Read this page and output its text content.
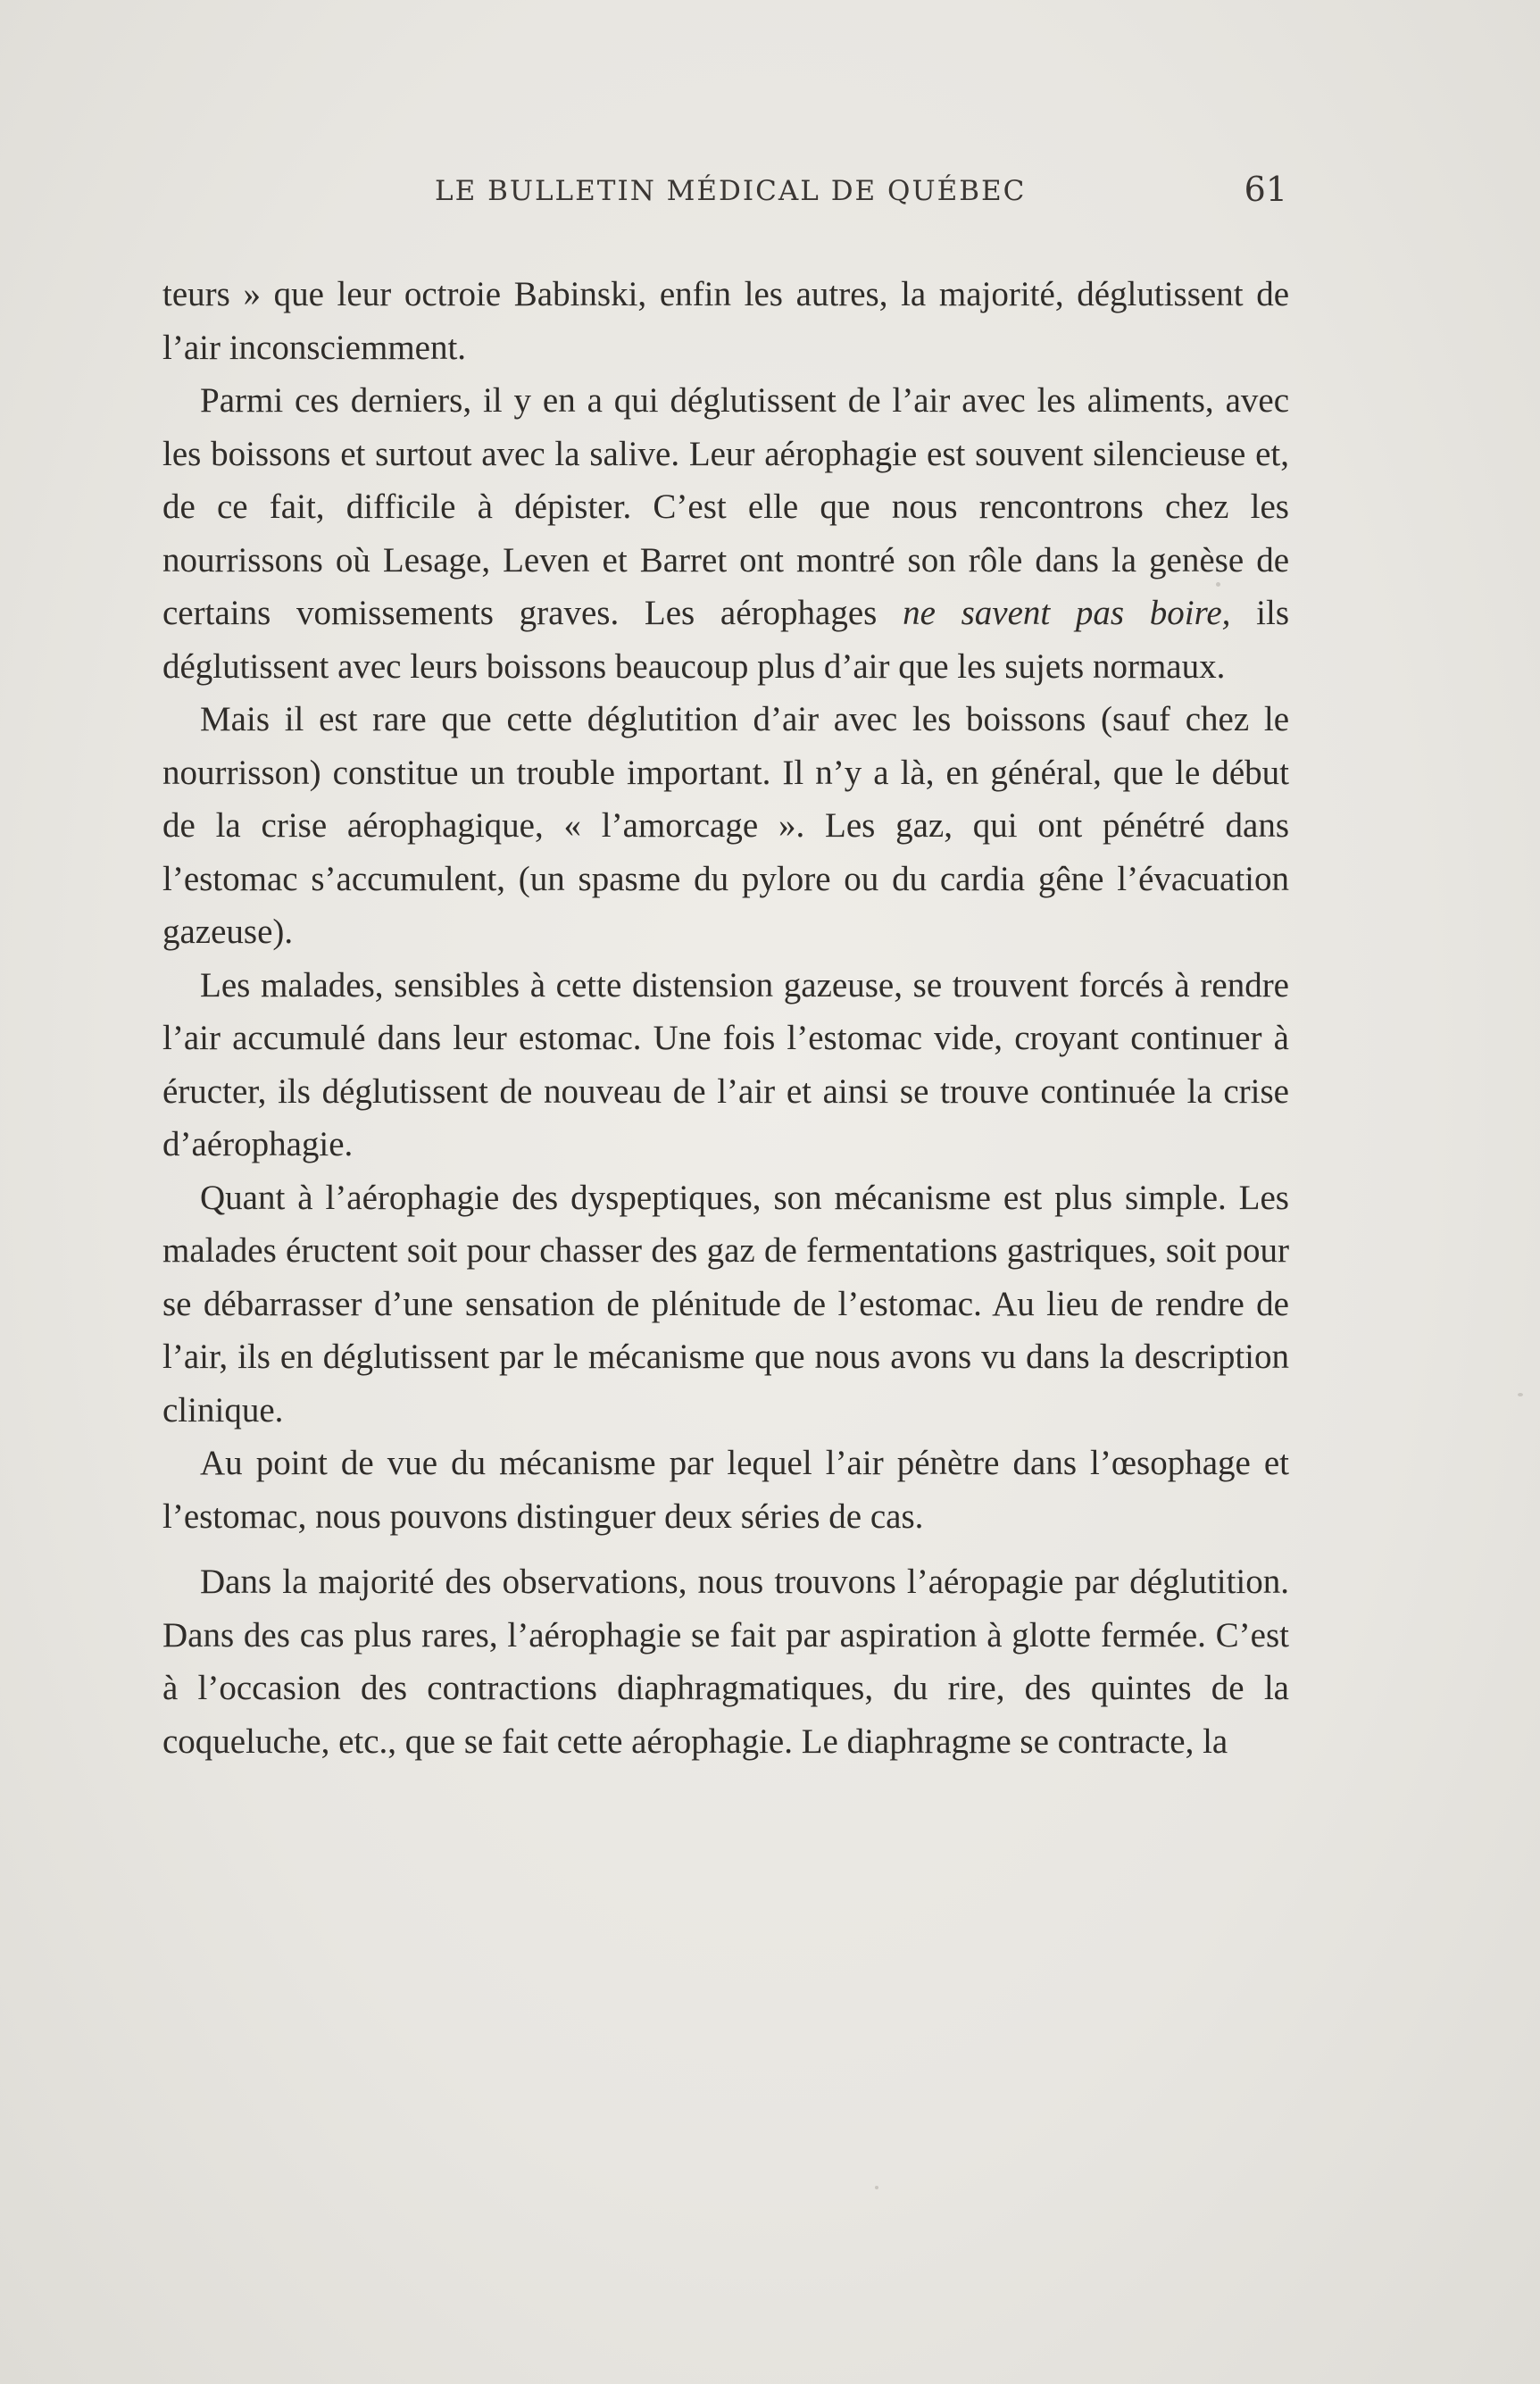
LE BULLETIN MÉDICAL DE QUÉBEC	61

teurs » que leur octroie Babinski, enfin les autres, la majorité, déglutissent de l’air inconsciemment.

Parmi ces derniers, il y en a qui déglutissent de l’air avec les aliments, avec les boissons et surtout avec la salive. Leur aérophagie est souvent silencieuse et, de ce fait, difficile à dépister. C’est elle que nous rencontrons chez les nourrissons où Lesage, Leven et Barret ont montré son rôle dans la genèse de certains vomissements graves. Les aérophages ne savent pas boire, ils déglutissent avec leurs boissons beaucoup plus d’air que les sujets normaux.

Mais il est rare que cette déglutition d’air avec les boissons (sauf chez le nourrisson) constitue un trouble important. Il n’y a là, en général, que le début de la crise aérophagique, « l’amorcage ». Les gaz, qui ont pénétré dans l’estomac s’accumulent, (un spasme du pylore ou du cardia gêne l’évacuation gazeuse).

Les malades, sensibles à cette distension gazeuse, se trouvent forcés à rendre l’air accumulé dans leur estomac. Une fois l’estomac vide, croyant continuer à éructer, ils déglutissent de nouveau de l’air et ainsi se trouve continuée la crise d’aérophagie.

Quant à l’aérophagie des dyspeptiques, son mécanisme est plus simple. Les malades éructent soit pour chasser des gaz de fermentations gastriques, soit pour se débarrasser d’une sensation de plénitude de l’estomac. Au lieu de rendre de l’air, ils en déglutissent par le mécanisme que nous avons vu dans la description clinique.

Au point de vue du mécanisme par lequel l’air pénètre dans l’œsophage et l’estomac, nous pouvons distinguer deux séries de cas.

Dans la majorité des observations, nous trouvons l’aéropagie par déglutition. Dans des cas plus rares, l’aérophagie se fait par aspiration à glotte fermée. C’est à l’occasion des contractions diaphragmatiques, du rire, des quintes de la coqueluche, etc., que se fait cette aérophagie. Le diaphragme se contracte, la
